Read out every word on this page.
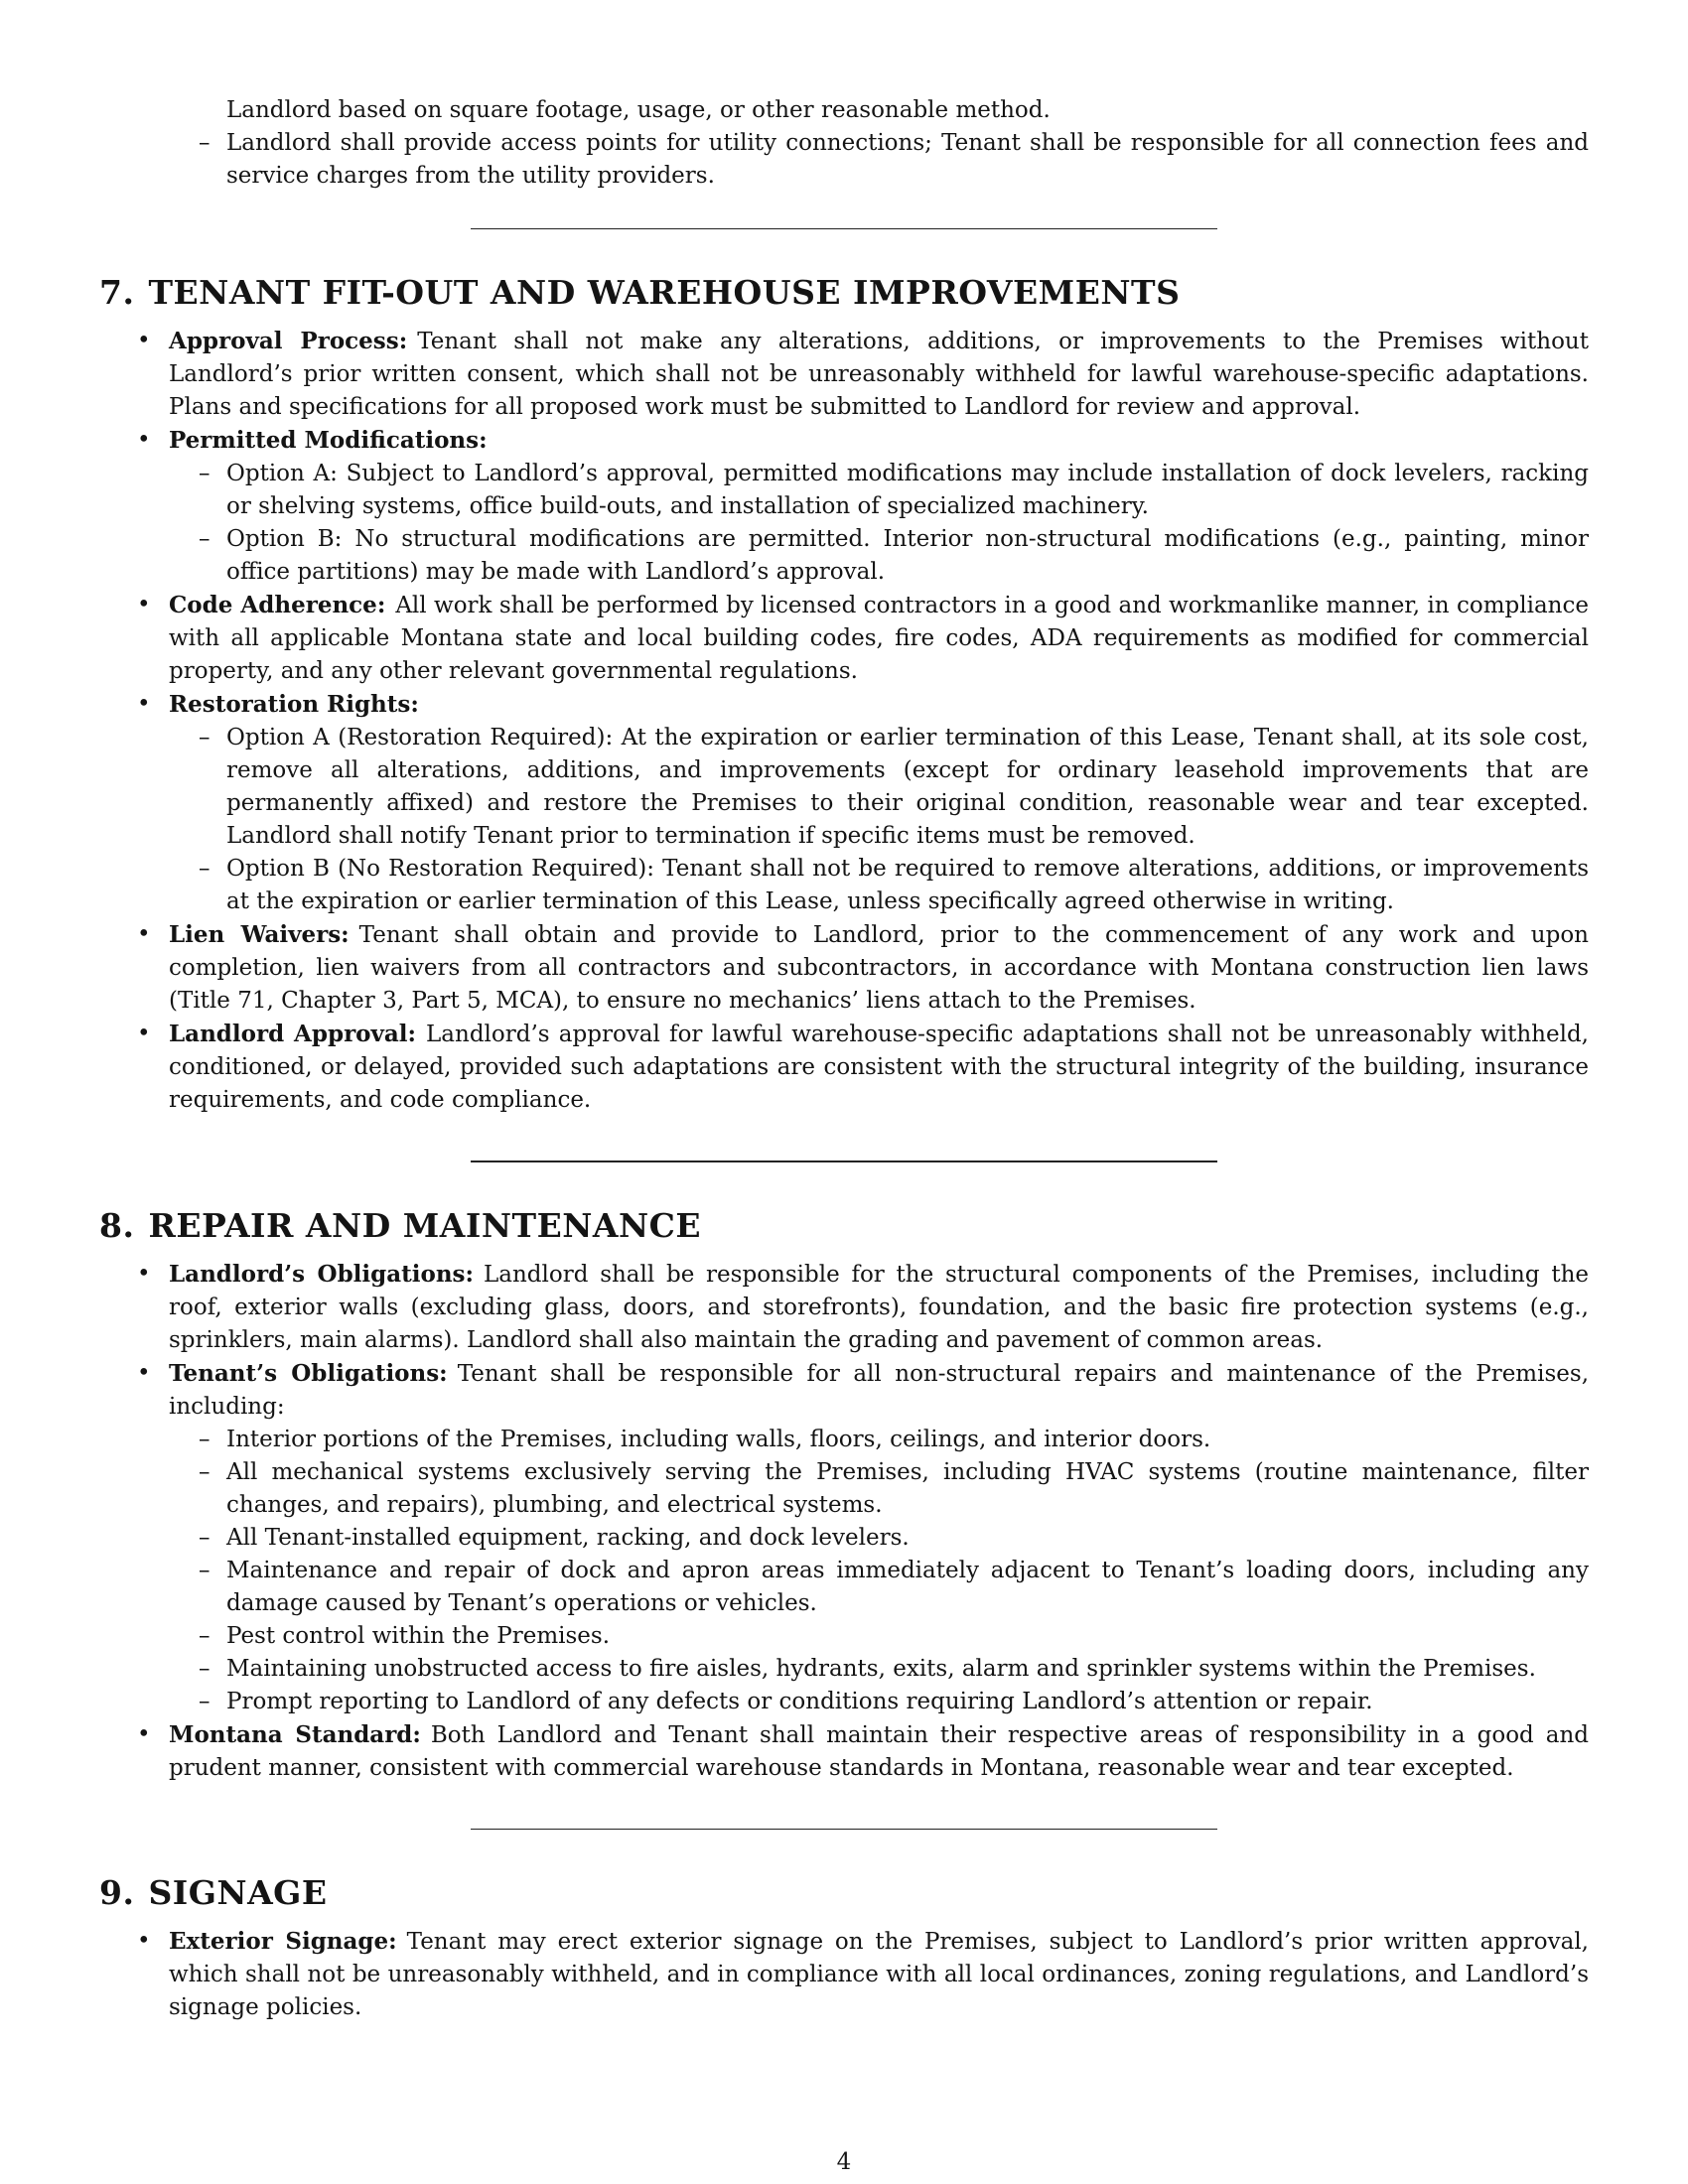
Landlord based on square footage, usage, or other reasonable method.
– Landlord shall provide access points for utility connections; Tenant shall be responsible for all connection fees and service charges from the utility providers.
7. TENANT FIT-OUT AND WAREHOUSE IMPROVEMENTS
• Approval Process: Tenant shall not make any alterations, additions, or improvements to the Premises without Landlord’s prior written consent, which shall not be unreasonably withheld for lawful warehouse-specific adaptations. Plans and specifications for all proposed work must be submitted to Landlord for review and approval.
• Permitted Modifications:
– Option A: Subject to Landlord’s approval, permitted modifications may include installation of dock levelers, racking or shelving systems, office build-outs, and installation of specialized machinery.
– Option B: No structural modifications are permitted. Interior non-structural modifications (e.g., painting, minor office partitions) may be made with Landlord’s approval.
• Code Adherence: All work shall be performed by licensed contractors in a good and workmanlike manner, in compliance with all applicable Montana state and local building codes, fire codes, ADA requirements as modified for commercial property, and any other relevant governmental regulations.
• Restoration Rights:
– Option A (Restoration Required): At the expiration or earlier termination of this Lease, Tenant shall, at its sole cost, remove all alterations, additions, and improvements (except for ordinary leasehold improvements that are permanently affixed) and restore the Premises to their original condition, reasonable wear and tear excepted. Landlord shall notify Tenant prior to termination if specific items must be removed.
– Option B (No Restoration Required): Tenant shall not be required to remove alterations, additions, or improvements at the expiration or earlier termination of this Lease, unless specifically agreed otherwise in writing.
• Lien Waivers: Tenant shall obtain and provide to Landlord, prior to the commencement of any work and upon completion, lien waivers from all contractors and subcontractors, in accordance with Montana construction lien laws (Title 71, Chapter 3, Part 5, MCA), to ensure no mechanics’ liens attach to the Premises.
• Landlord Approval: Landlord’s approval for lawful warehouse-specific adaptations shall not be unreasonably withheld, conditioned, or delayed, provided such adaptations are consistent with the structural integrity of the building, insurance requirements, and code compliance.
8. REPAIR AND MAINTENANCE
• Landlord’s Obligations: Landlord shall be responsible for the structural components of the Premises, including the roof, exterior walls (excluding glass, doors, and storefronts), foundation, and the basic fire protection systems (e.g., sprinklers, main alarms). Landlord shall also maintain the grading and pavement of common areas.
• Tenant’s Obligations: Tenant shall be responsible for all non-structural repairs and maintenance of the Premises, including:
– Interior portions of the Premises, including walls, floors, ceilings, and interior doors.
– All mechanical systems exclusively serving the Premises, including HVAC systems (routine maintenance, filter changes, and repairs), plumbing, and electrical systems.
– All Tenant-installed equipment, racking, and dock levelers.
– Maintenance and repair of dock and apron areas immediately adjacent to Tenant’s loading doors, including any damage caused by Tenant’s operations or vehicles.
– Pest control within the Premises.
– Maintaining unobstructed access to fire aisles, hydrants, exits, alarm and sprinkler systems within the Premises.
– Prompt reporting to Landlord of any defects or conditions requiring Landlord’s attention or repair.
• Montana Standard: Both Landlord and Tenant shall maintain their respective areas of responsibility in a good and prudent manner, consistent with commercial warehouse standards in Montana, reasonable wear and tear excepted.
9. SIGNAGE
• Exterior Signage: Tenant may erect exterior signage on the Premises, subject to Landlord’s prior written approval, which shall not be unreasonably withheld, and in compliance with all local ordinances, zoning regulations, and Landlord’s signage policies.
4
